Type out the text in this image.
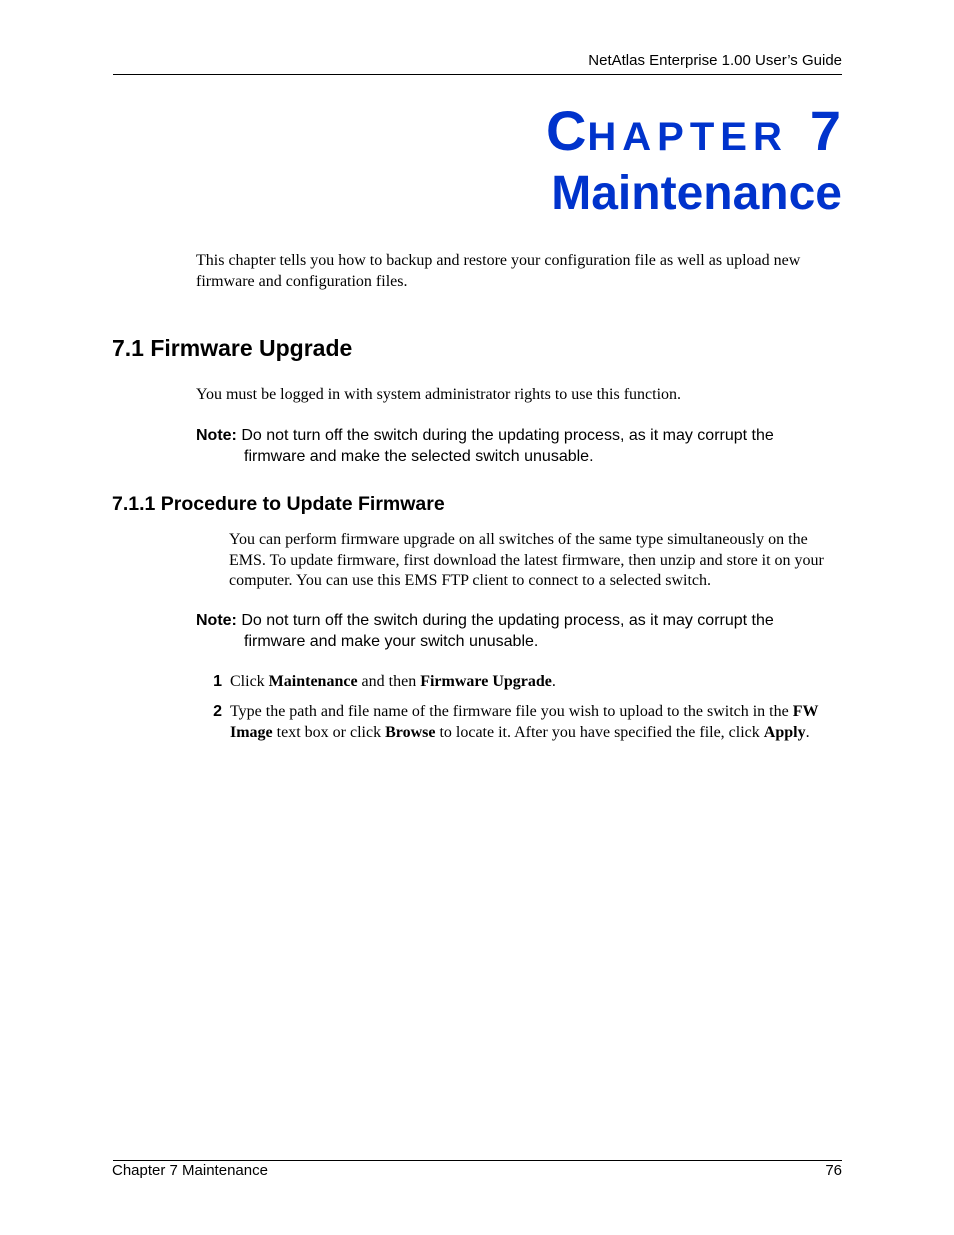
NetAtlas Enterprise 1.00 User’s Guide
CHAPTER 7
Maintenance
This chapter tells you how to backup and restore your configuration file as well as upload new firmware and configuration files.
7.1 Firmware Upgrade
You must be logged in with system administrator rights to use this function.
Note: Do not turn off the switch during the updating process, as it may corrupt the
firmware and make the selected switch unusable.
7.1.1 Procedure to Update Firmware
You can perform firmware upgrade on all switches of the same type simultaneously on the EMS. To update firmware, first download the latest firmware, then unzip and store it on your computer. You can use this EMS FTP client to connect to a selected switch.
Note: Do not turn off the switch during the updating process, as it may corrupt the
firmware and make your switch unusable.
1 Click Maintenance and then Firmware Upgrade.
2 Type the path and file name of the firmware file you wish to upload to the switch in the FW Image text box or click Browse to locate it. After you have specified the file, click Apply.
Chapter 7 Maintenance	76
